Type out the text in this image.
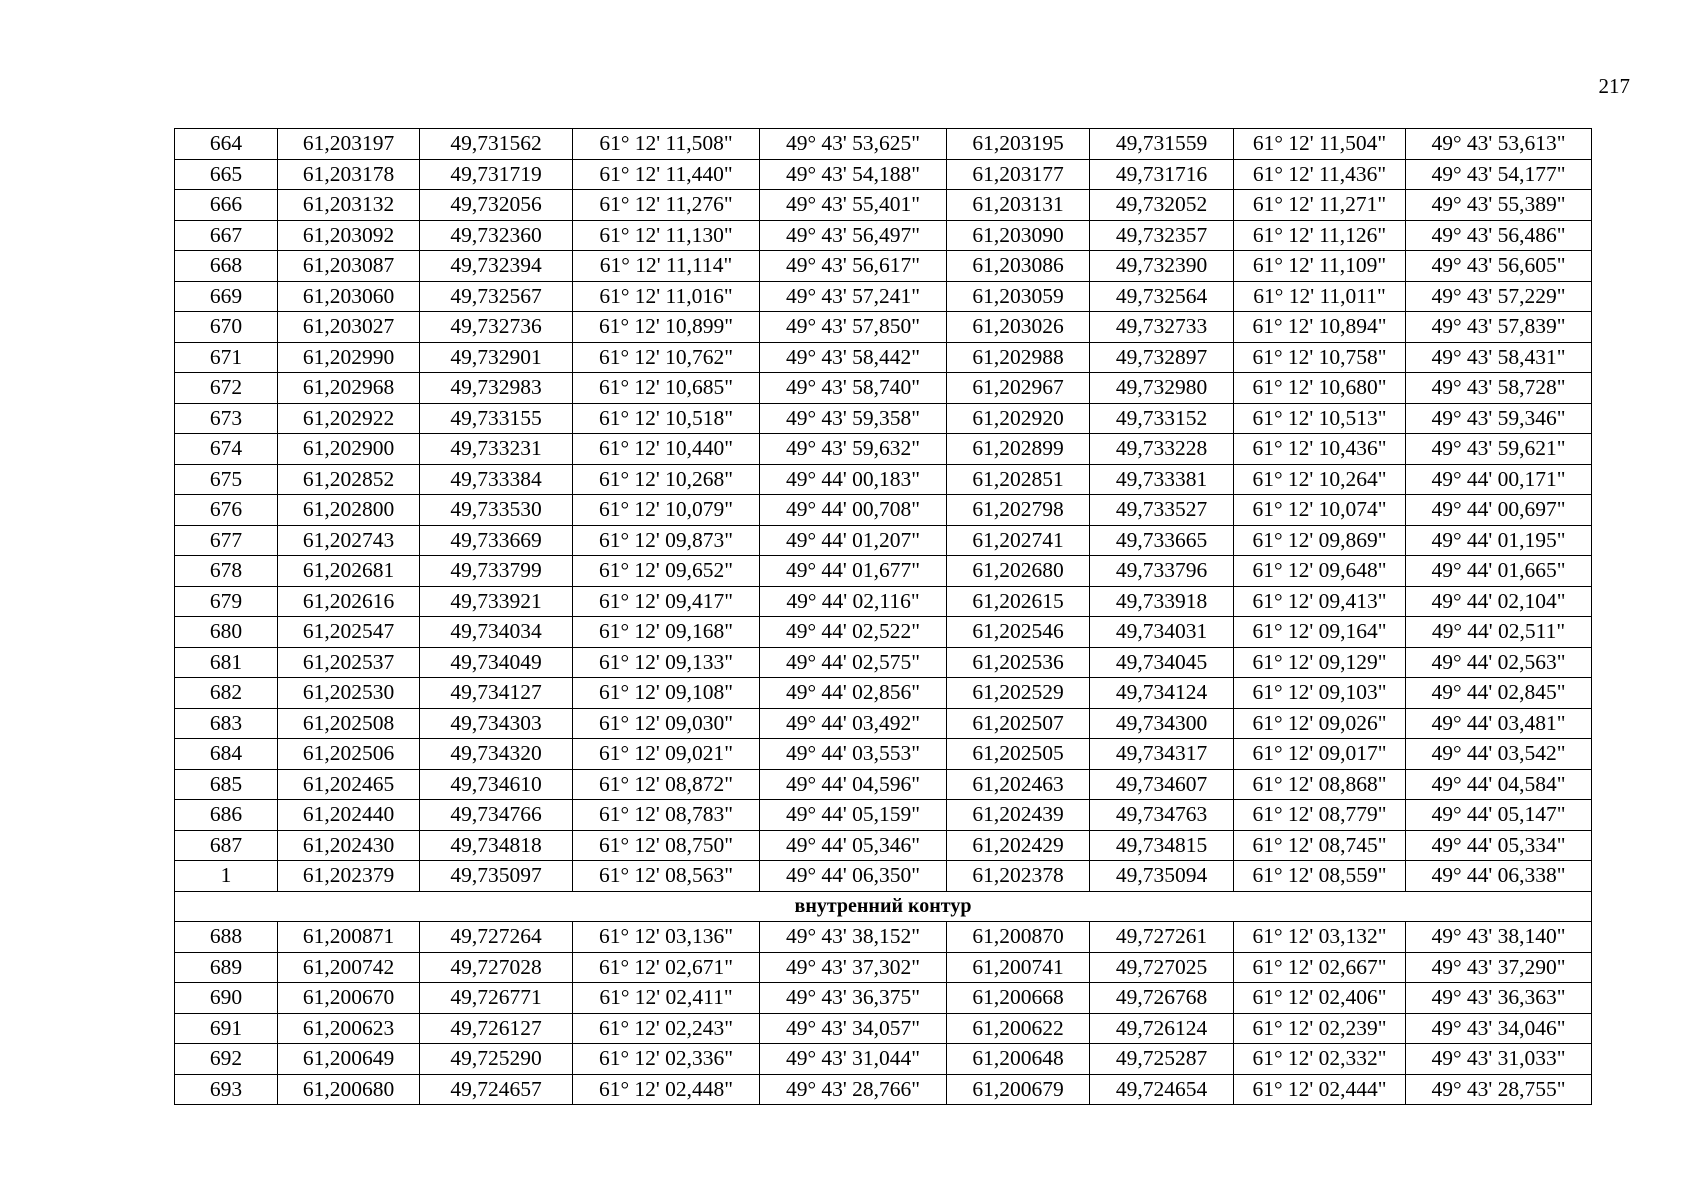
217
664	61,203197	49,731562	61° 12' 11,508"	49° 43' 53,625"	61,203195	49,731559	61° 12' 11,504"	49° 43' 53,613"
665	61,203178	49,731719	61° 12' 11,440"	49° 43' 54,188"	61,203177	49,731716	61° 12' 11,436"	49° 43' 54,177"
666	61,203132	49,732056	61° 12' 11,276"	49° 43' 55,401"	61,203131	49,732052	61° 12' 11,271"	49° 43' 55,389"
667	61,203092	49,732360	61° 12' 11,130"	49° 43' 56,497"	61,203090	49,732357	61° 12' 11,126"	49° 43' 56,486"
668	61,203087	49,732394	61° 12' 11,114"	49° 43' 56,617"	61,203086	49,732390	61° 12' 11,109"	49° 43' 56,605"
669	61,203060	49,732567	61° 12' 11,016"	49° 43' 57,241"	61,203059	49,732564	61° 12' 11,011"	49° 43' 57,229"
670	61,203027	49,732736	61° 12' 10,899"	49° 43' 57,850"	61,203026	49,732733	61° 12' 10,894"	49° 43' 57,839"
671	61,202990	49,732901	61° 12' 10,762"	49° 43' 58,442"	61,202988	49,732897	61° 12' 10,758"	49° 43' 58,431"
672	61,202968	49,732983	61° 12' 10,685"	49° 43' 58,740"	61,202967	49,732980	61° 12' 10,680"	49° 43' 58,728"
673	61,202922	49,733155	61° 12' 10,518"	49° 43' 59,358"	61,202920	49,733152	61° 12' 10,513"	49° 43' 59,346"
674	61,202900	49,733231	61° 12' 10,440"	49° 43' 59,632"	61,202899	49,733228	61° 12' 10,436"	49° 43' 59,621"
675	61,202852	49,733384	61° 12' 10,268"	49° 44' 00,183"	61,202851	49,733381	61° 12' 10,264"	49° 44' 00,171"
676	61,202800	49,733530	61° 12' 10,079"	49° 44' 00,708"	61,202798	49,733527	61° 12' 10,074"	49° 44' 00,697"
677	61,202743	49,733669	61° 12' 09,873"	49° 44' 01,207"	61,202741	49,733665	61° 12' 09,869"	49° 44' 01,195"
678	61,202681	49,733799	61° 12' 09,652"	49° 44' 01,677"	61,202680	49,733796	61° 12' 09,648"	49° 44' 01,665"
679	61,202616	49,733921	61° 12' 09,417"	49° 44' 02,116"	61,202615	49,733918	61° 12' 09,413"	49° 44' 02,104"
680	61,202547	49,734034	61° 12' 09,168"	49° 44' 02,522"	61,202546	49,734031	61° 12' 09,164"	49° 44' 02,511"
681	61,202537	49,734049	61° 12' 09,133"	49° 44' 02,575"	61,202536	49,734045	61° 12' 09,129"	49° 44' 02,563"
682	61,202530	49,734127	61° 12' 09,108"	49° 44' 02,856"	61,202529	49,734124	61° 12' 09,103"	49° 44' 02,845"
683	61,202508	49,734303	61° 12' 09,030"	49° 44' 03,492"	61,202507	49,734300	61° 12' 09,026"	49° 44' 03,481"
684	61,202506	49,734320	61° 12' 09,021"	49° 44' 03,553"	61,202505	49,734317	61° 12' 09,017"	49° 44' 03,542"
685	61,202465	49,734610	61° 12' 08,872"	49° 44' 04,596"	61,202463	49,734607	61° 12' 08,868"	49° 44' 04,584"
686	61,202440	49,734766	61° 12' 08,783"	49° 44' 05,159"	61,202439	49,734763	61° 12' 08,779"	49° 44' 05,147"
687	61,202430	49,734818	61° 12' 08,750"	49° 44' 05,346"	61,202429	49,734815	61° 12' 08,745"	49° 44' 05,334"
1	61,202379	49,735097	61° 12' 08,563"	49° 44' 06,350"	61,202378	49,735094	61° 12' 08,559"	49° 44' 06,338"
внутренний контур								
688	61,200871	49,727264	61° 12' 03,136"	49° 43' 38,152"	61,200870	49,727261	61° 12' 03,132"	49° 43' 38,140"
689	61,200742	49,727028	61° 12' 02,671"	49° 43' 37,302"	61,200741	49,727025	61° 12' 02,667"	49° 43' 37,290"
690	61,200670	49,726771	61° 12' 02,411"	49° 43' 36,375"	61,200668	49,726768	61° 12' 02,406"	49° 43' 36,363"
691	61,200623	49,726127	61° 12' 02,243"	49° 43' 34,057"	61,200622	49,726124	61° 12' 02,239"	49° 43' 34,046"
692	61,200649	49,725290	61° 12' 02,336"	49° 43' 31,044"	61,200648	49,725287	61° 12' 02,332"	49° 43' 31,033"
693	61,200680	49,724657	61° 12' 02,448"	49° 43' 28,766"	61,200679	49,724654	61° 12' 02,444"	49° 43' 28,755"
